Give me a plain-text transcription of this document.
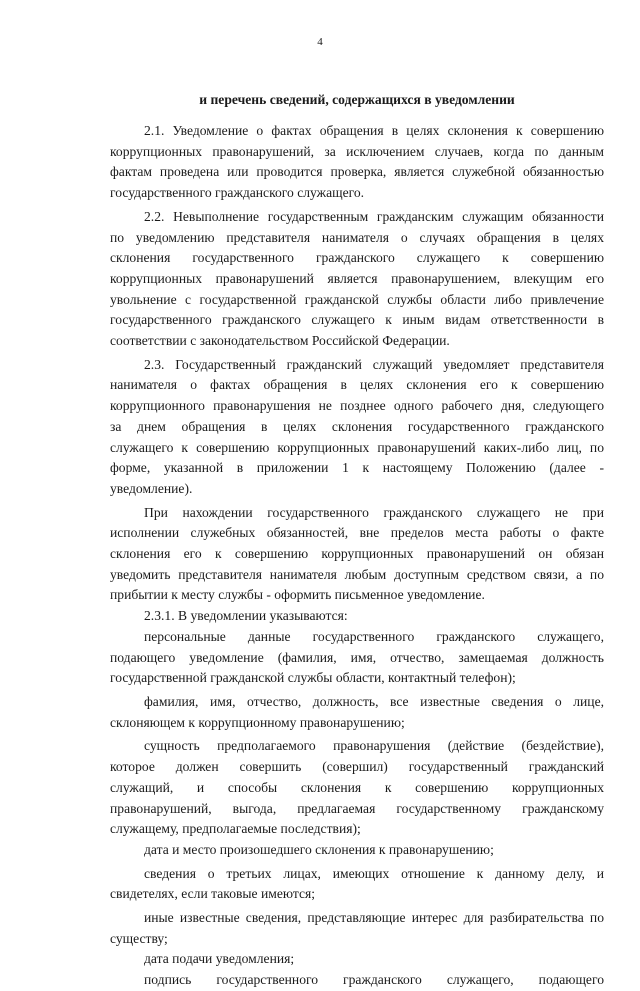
4
и перечень сведений, содержащихся в уведомлении

2.1. Уведомление о фактах обращения в целях склонения к совершению

коррупционных правонарушений, за исключением случаев, когда по данным

фактам проведена или проводится проверка, является служебной обязанностью

государственного гражданского служащего.

2.2. Невыполнение государственным гражданским служащим обязанности

по уведомлению представителя нанимателя о случаях обращения в целях

склонения государственного гражданского служащего к совершению

коррупционных правонарушений является правонарушением, влекущим его

увольнение с государственной гражданской службы области либо привлечение

государственного гражданского служащего к иным видам ответственности в

соответствии с законодательством Российской Федерации.

2.3. Государственный гражданский служащий уведомляет представителя

нанимателя о фактах обращения в целях склонения его к совершению

коррупционного правонарушения не позднее одного рабочего дня, следующего

за днем обращения в целях склонения государственного гражданского

служащего к совершению коррупционных правонарушений каких-либо лиц, по

форме, указанной в приложении 1 к настоящему Положению (далее -

уведомление).

При нахождении государственного гражданского служащего не при

исполнении служебных обязанностей, вне пределов места работы о факте

склонения его к совершению коррупционных правонарушений он обязан

уведомить представителя нанимателя любым доступным средством связи, а по

прибытии к месту службы - оформить письменное уведомление.

2.3.1. В уведомлении указываются:

персональные данные государственного гражданского служащего,

подающего уведомление (фамилия, имя, отчество, замещаемая должность

государственной гражданской службы области, контактный телефон);

фамилия, имя, отчество, должность, все известные сведения о лице,

склоняющем к коррупционному правонарушению;

сущность предполагаемого правонарушения (действие (бездействие),

которое должен совершить (совершил) государственный гражданский

служащий, и способы склонения к совершению коррупционных

правонарушений, выгода, предлагаемая государственному гражданскому

служащему, предполагаемые последствия);

дата и место произошедшего склонения к правонарушению;

сведения о третьих лицах, имеющих отношение к данному делу, и

свидетелях, если таковые имеются;

иные известные сведения, представляющие интерес для разбирательства по

существу;

дата подачи уведомления;

подпись государственного гражданского служащего, подающего
